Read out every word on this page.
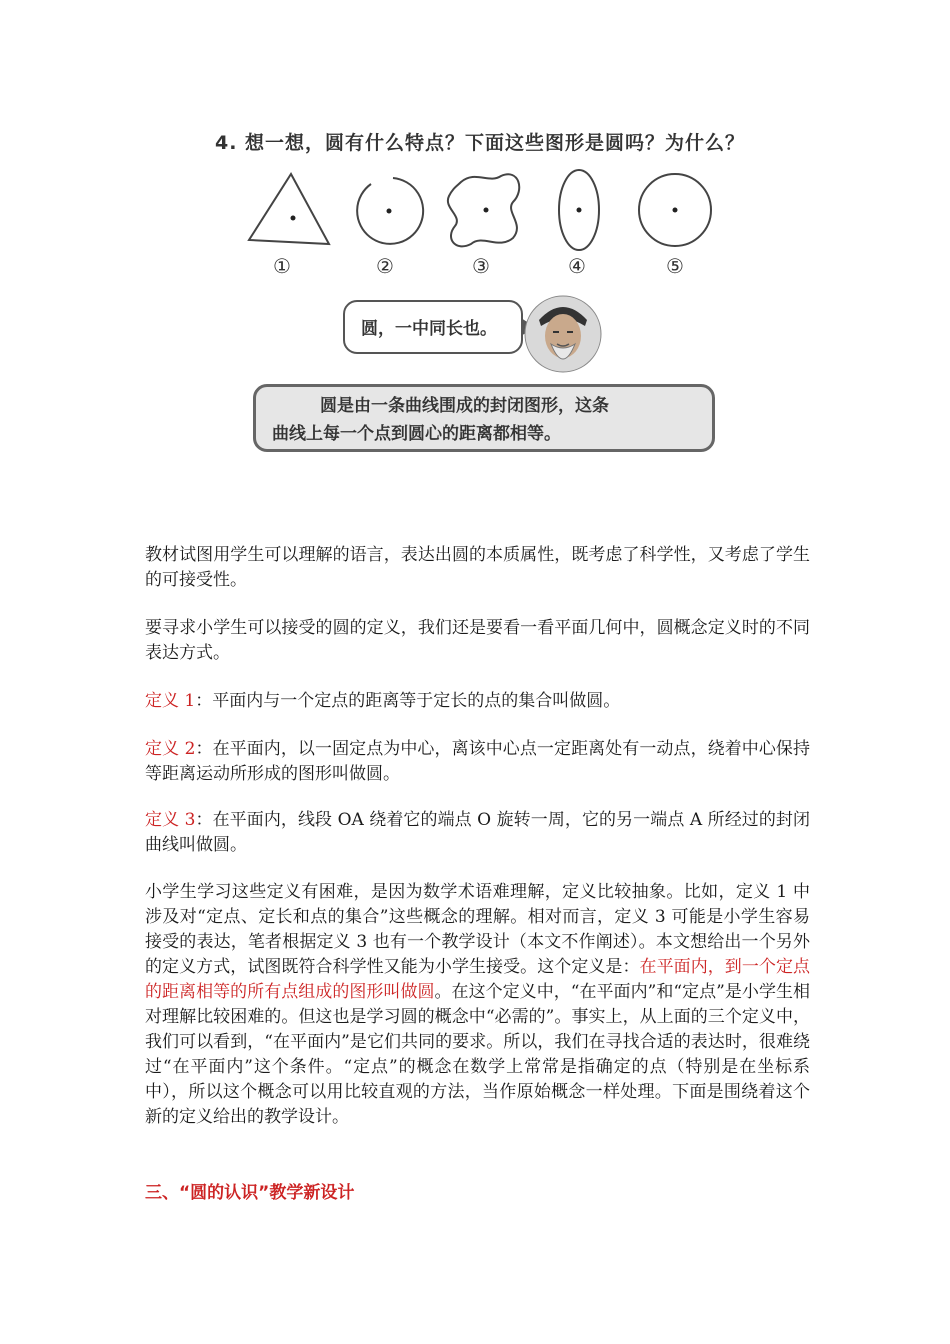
4. 想一想，圆有什么特点？下面这些图形是圆吗？为什么？
①	②	③	④	⑤
圆，一中同长也。
圆是由一条曲线围成的封闭图形，这条
曲线上每一个点到圆心的距离都相等。

教材试图用学生可以理解的语言，表达出圆的本质属性，既考虑了科学性，又考虑了学生的可接受性。

要寻求小学生可以接受的圆的定义，我们还是要看一看平面几何中，圆概念定义时的不同表达方式。

定义 1：平面内与一个定点的距离等于定长的点的集合叫做圆。

定义 2：在平面内，以一固定点为中心，离该中心点一定距离处有一动点，绕着中心保持等距离运动所形成的图形叫做圆。

定义 3：在平面内，线段 OA 绕着它的端点 O 旋转一周，它的另一端点 A 所经过的封闭曲线叫做圆。

小学生学习这些定义有困难，是因为数学术语难理解，定义比较抽象。比如，定义 1 中涉及对“定点、定长和点的集合”这些概念的理解。相对而言，定义 3 可能是小学生容易接受的表达，笔者根据定义 3 也有一个教学设计（本文不作阐述）。本文想给出一个另外的定义方式，试图既符合科学性又能为小学生接受。这个定义是：在平面内，到一个定点的距离相等的所有点组成的图形叫做圆。在这个定义中，“在平面内”和“定点”是小学生相对理解比较困难的。但这也是学习圆的概念中“必需的”。事实上，从上面的三个定义中，我们可以看到，“在平面内”是它们共同的要求。所以，我们在寻找合适的表达时，很难绕过“在平面内”这个条件。“定点”的概念在数学上常常是指确定的点（特别是在坐标系中），所以这个概念可以用比较直观的方法，当作原始概念一样处理。下面是围绕着这个新的定义给出的教学设计。

三、“圆的认识”教学新设计
